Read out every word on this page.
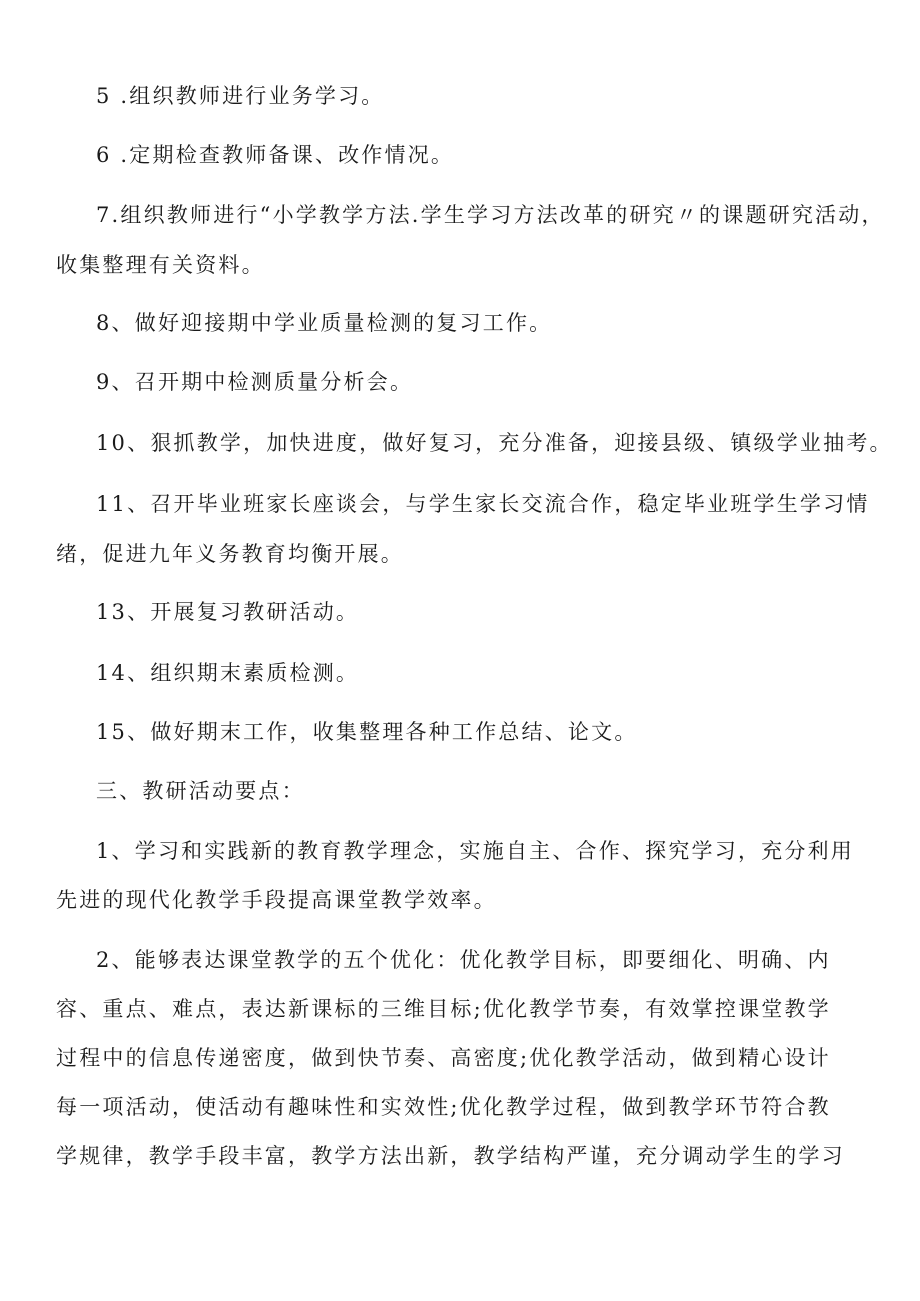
5 .组织教师进行业务学习。
6 .定期检查教师备课、改作情况。
7.组织教师进行“小学教学方法.学生学习方法改革的研究〃的课题研究活动，
收集整理有关资料。
8、做好迎接期中学业质量检测的复习工作。
9、召开期中检测质量分析会。
10、狠抓教学，加快进度，做好复习，充分准备，迎接县级、镇级学业抽考。
11、召开毕业班家长座谈会，与学生家长交流合作，稳定毕业班学生学习情
绪，促进九年义务教育均衡开展。
13、开展复习教研活动。
14、组织期末素质检测。
15、做好期末工作，收集整理各种工作总结、论文。
三、教研活动要点：
1、学习和实践新的教育教学理念，实施自主、合作、探究学习，充分利用
先进的现代化教学手段提高课堂教学效率。
2、能够表达课堂教学的五个优化：优化教学目标，即要细化、明确、内
容、重点、难点，表达新课标的三维目标;优化教学节奏，有效掌控课堂教学
过程中的信息传递密度，做到快节奏、高密度;优化教学活动，做到精心设计
每一项活动，使活动有趣味性和实效性;优化教学过程，做到教学环节符合教
学规律，教学手段丰富，教学方法出新，教学结构严谨，充分调动学生的学习
